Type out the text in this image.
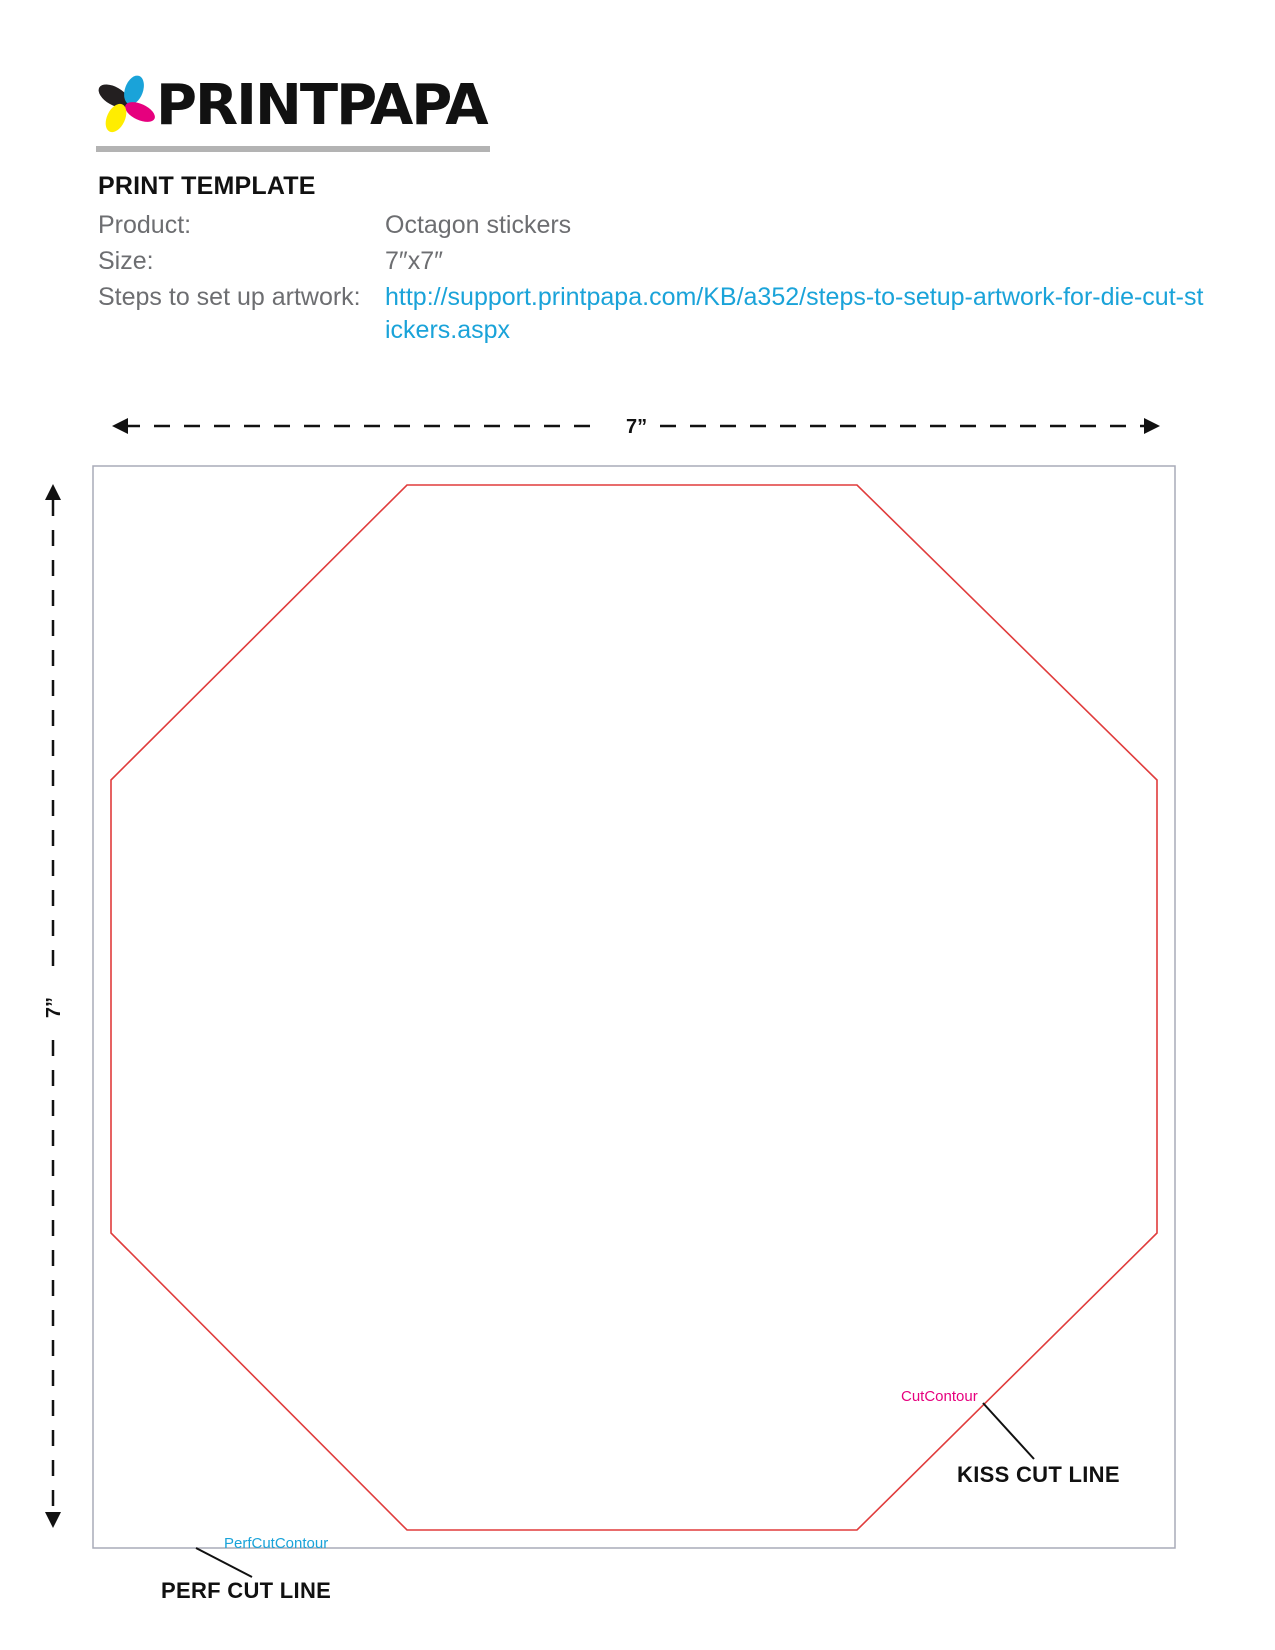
PRINTPAPA
PRINT TEMPLATE
Product:	Octagon stickers
Size:	7″x7″
Steps to set up artwork: http://support.printpapa.com/KB/a352/steps-to-setup-artwork-for-die-cut-stickers.aspx
7”
7”
CutContour
PerfCutContour
KISS CUT LINE
PERF CUT LINE
